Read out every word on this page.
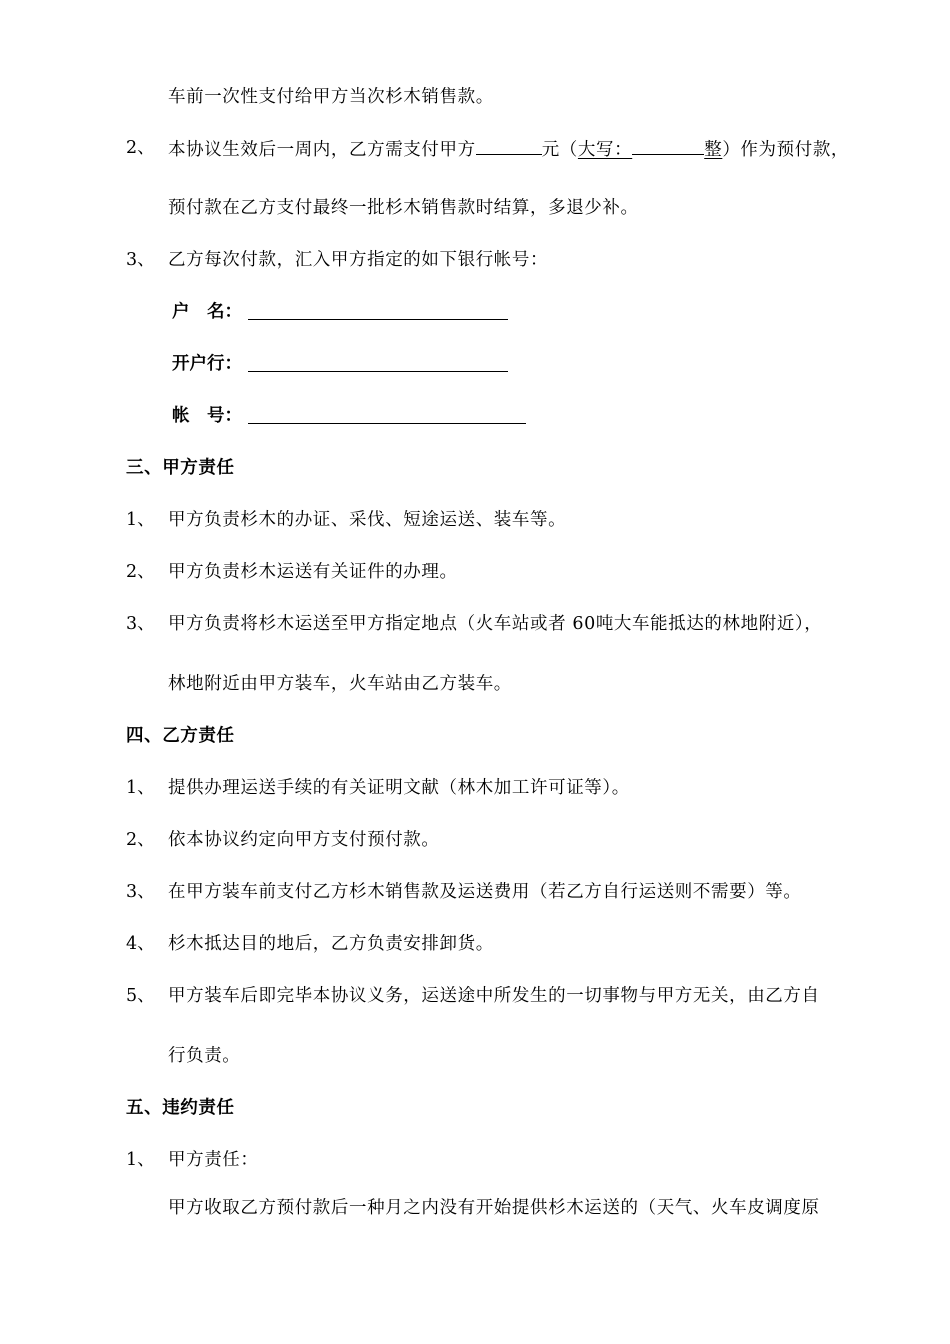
车前一次性支付给甲方当次杉木销售款。
2、 本协议生效后一周内，乙方需支付甲方	元（大写：	整）作为预付款，
预付款在乙方支付最终一批杉木销售款时结算，多退少补。
3、 乙方每次付款，汇入甲方指定的如下银行帐号：
户　名：
开户行：
帐　号：
三、甲方责任
1、 甲方负责杉木的办证、采伐、短途运送、装车等。
2、 甲方负责杉木运送有关证件的办理。
3、 甲方负责将杉木运送至甲方指定地点（火车站或者 60吨大车能抵达的林地附近），
林地附近由甲方装车，火车站由乙方装车。
四、乙方责任
1、 提供办理运送手续的有关证明文献（林木加工许可证等）。
2、 依本协议约定向甲方支付预付款。
3、 在甲方装车前支付乙方杉木销售款及运送费用（若乙方自行运送则不需要）等。
4、 杉木抵达目的地后，乙方负责安排卸货。
5、 甲方装车后即完毕本协议义务，运送途中所发生的一切事物与甲方无关，由乙方自
行负责。
五、违约责任
1、 甲方责任：
甲方收取乙方预付款后一种月之内没有开始提供杉木运送的（天气、火车皮调度原
